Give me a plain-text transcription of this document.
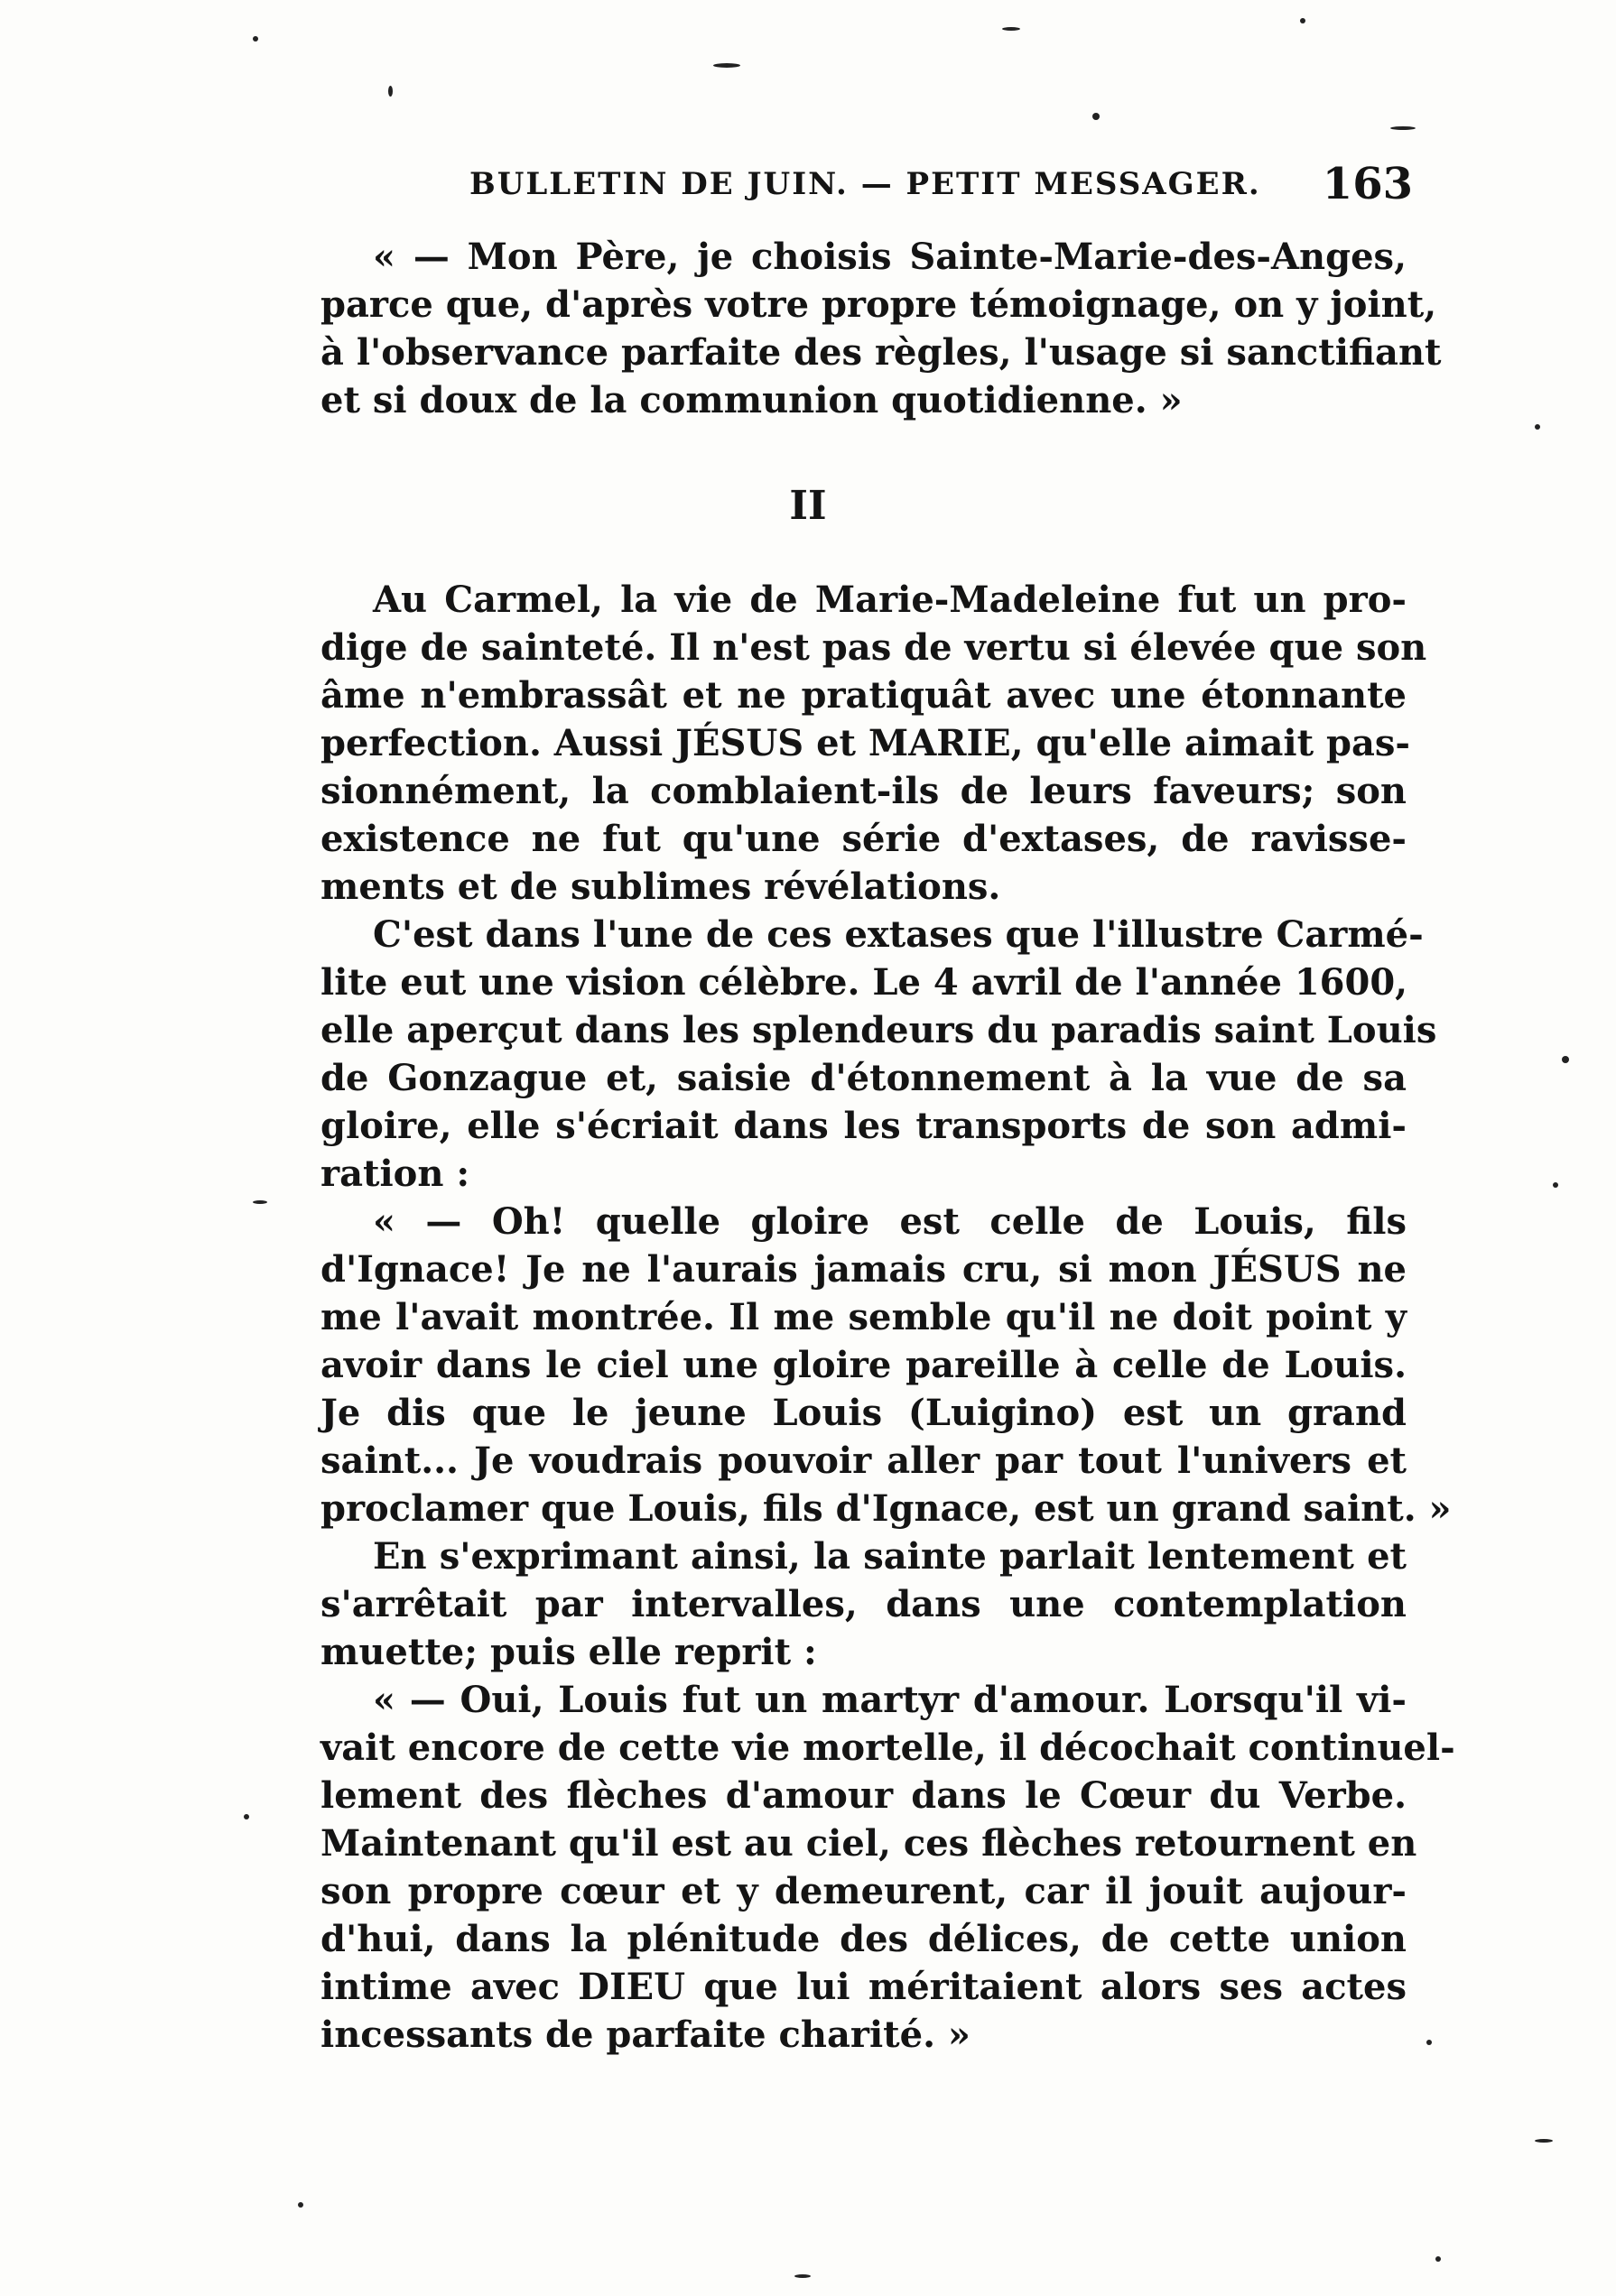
BULLETIN DE JUIN. — PETIT MESSAGER. 163
« — Mon Père, je choisis Sainte-Marie-des-Anges,
parce que, d'après votre propre témoignage, on y joint,
à l'observance parfaite des règles, l'usage si sanctifiant
et si doux de la communion quotidienne. »
II
Au Carmel, la vie de Marie-Madeleine fut un pro-
dige de sainteté. Il n'est pas de vertu si élevée que son
âme n'embrassât et ne pratiquât avec une étonnante
perfection. Aussi JÉSUS et MARIE, qu'elle aimait pas-
sionnément, la comblaient-ils de leurs faveurs; son
existence ne fut qu'une série d'extases, de ravisse-
ments et de sublimes révélations.
C'est dans l'une de ces extases que l'illustre Carmé-
lite eut une vision célèbre. Le 4 avril de l'année 1600,
elle aperçut dans les splendeurs du paradis saint Louis
de Gonzague et, saisie d'étonnement à la vue de sa
gloire, elle s'écriait dans les transports de son admi-
ration :
« — Oh! quelle gloire est celle de Louis, fils
d'Ignace! Je ne l'aurais jamais cru, si mon JÉSUS ne
me l'avait montrée. Il me semble qu'il ne doit point y
avoir dans le ciel une gloire pareille à celle de Louis.
Je dis que le jeune Louis (Luigino) est un grand
saint... Je voudrais pouvoir aller par tout l'univers et
proclamer que Louis, fils d'Ignace, est un grand saint. »
En s'exprimant ainsi, la sainte parlait lentement et
s'arrêtait par intervalles, dans une contemplation
muette; puis elle reprit :
« — Oui, Louis fut un martyr d'amour. Lorsqu'il vi-
vait encore de cette vie mortelle, il décochait continuel-
lement des flèches d'amour dans le Cœur du Verbe.
Maintenant qu'il est au ciel, ces flèches retournent en
son propre cœur et y demeurent, car il jouit aujour-
d'hui, dans la plénitude des délices, de cette union
intime avec DIEU que lui méritaient alors ses actes
incessants de parfaite charité. »
